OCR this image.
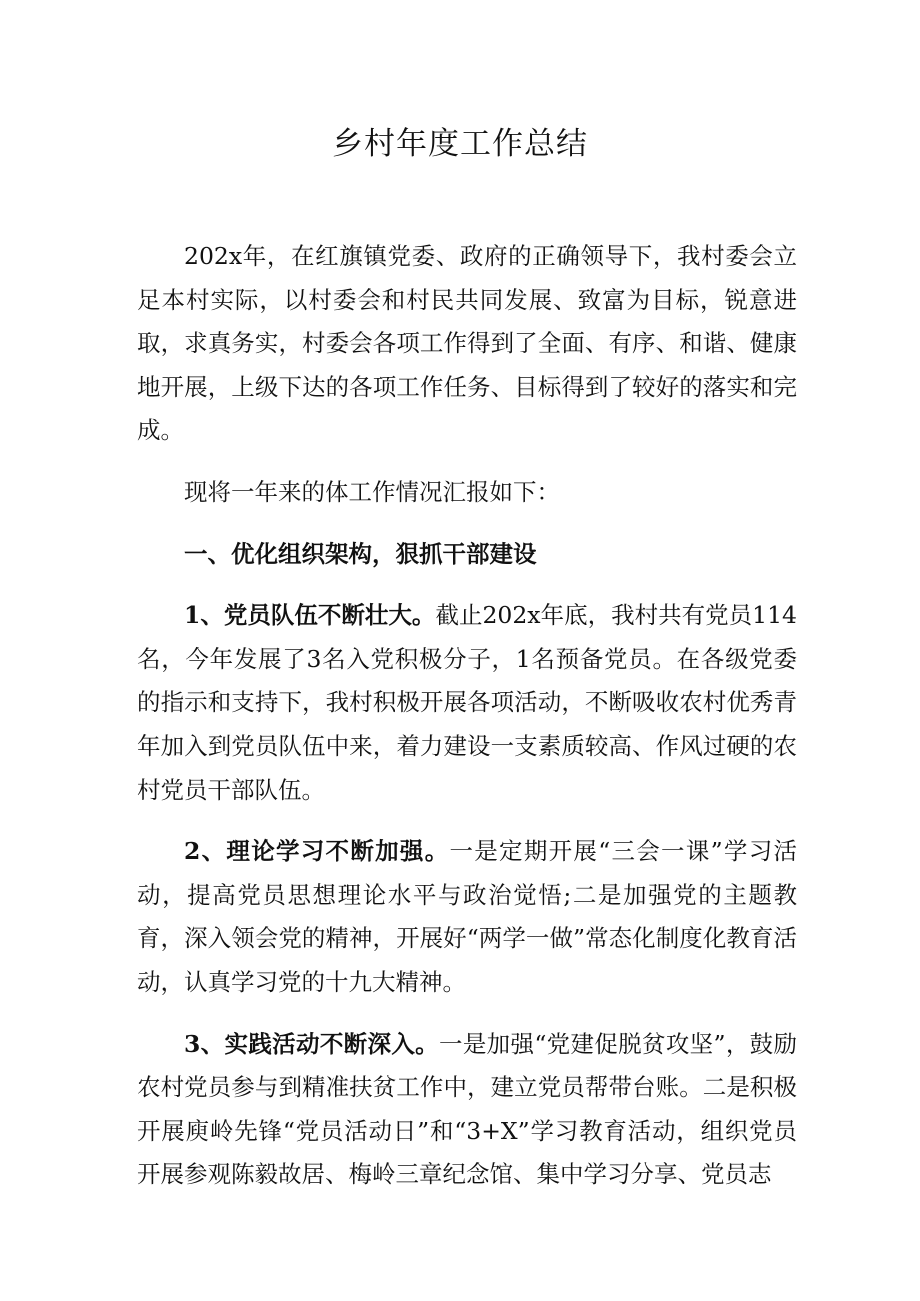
乡村年度工作总结

202x年，在红旗镇党委、政府的正确领导下，我村委会立足本村实际，以村委会和村民共同发展、致富为目标，锐意进取，求真务实，村委会各项工作得到了全面、有序、和谐、健康地开展，上级下达的各项工作任务、目标得到了较好的落实和完成。

现将一年来的体工作情况汇报如下：

一、优化组织架构，狠抓干部建设

1、党员队伍不断壮大。截止202x年底，我村共有党员114名，今年发展了3名入党积极分子，1名预备党员。在各级党委的指示和支持下，我村积极开展各项活动，不断吸收农村优秀青年加入到党员队伍中来，着力建设一支素质较高、作风过硬的农村党员干部队伍。

2、理论学习不断加强。一是定期开展“三会一课”学习活动，提高党员思想理论水平与政治觉悟;二是加强党的主题教育，深入领会党的精神，开展好“两学一做”常态化制度化教育活动，认真学习党的十九大精神。

3、实践活动不断深入。一是加强“党建促脱贫攻坚”，鼓励农村党员参与到精准扶贫工作中，建立党员帮带台账。二是积极开展庾岭先锋“党员活动日”和“3+X”学习教育活动，组织党员开展参观陈毅故居、梅岭三章纪念馆、集中学习分享、党员志
